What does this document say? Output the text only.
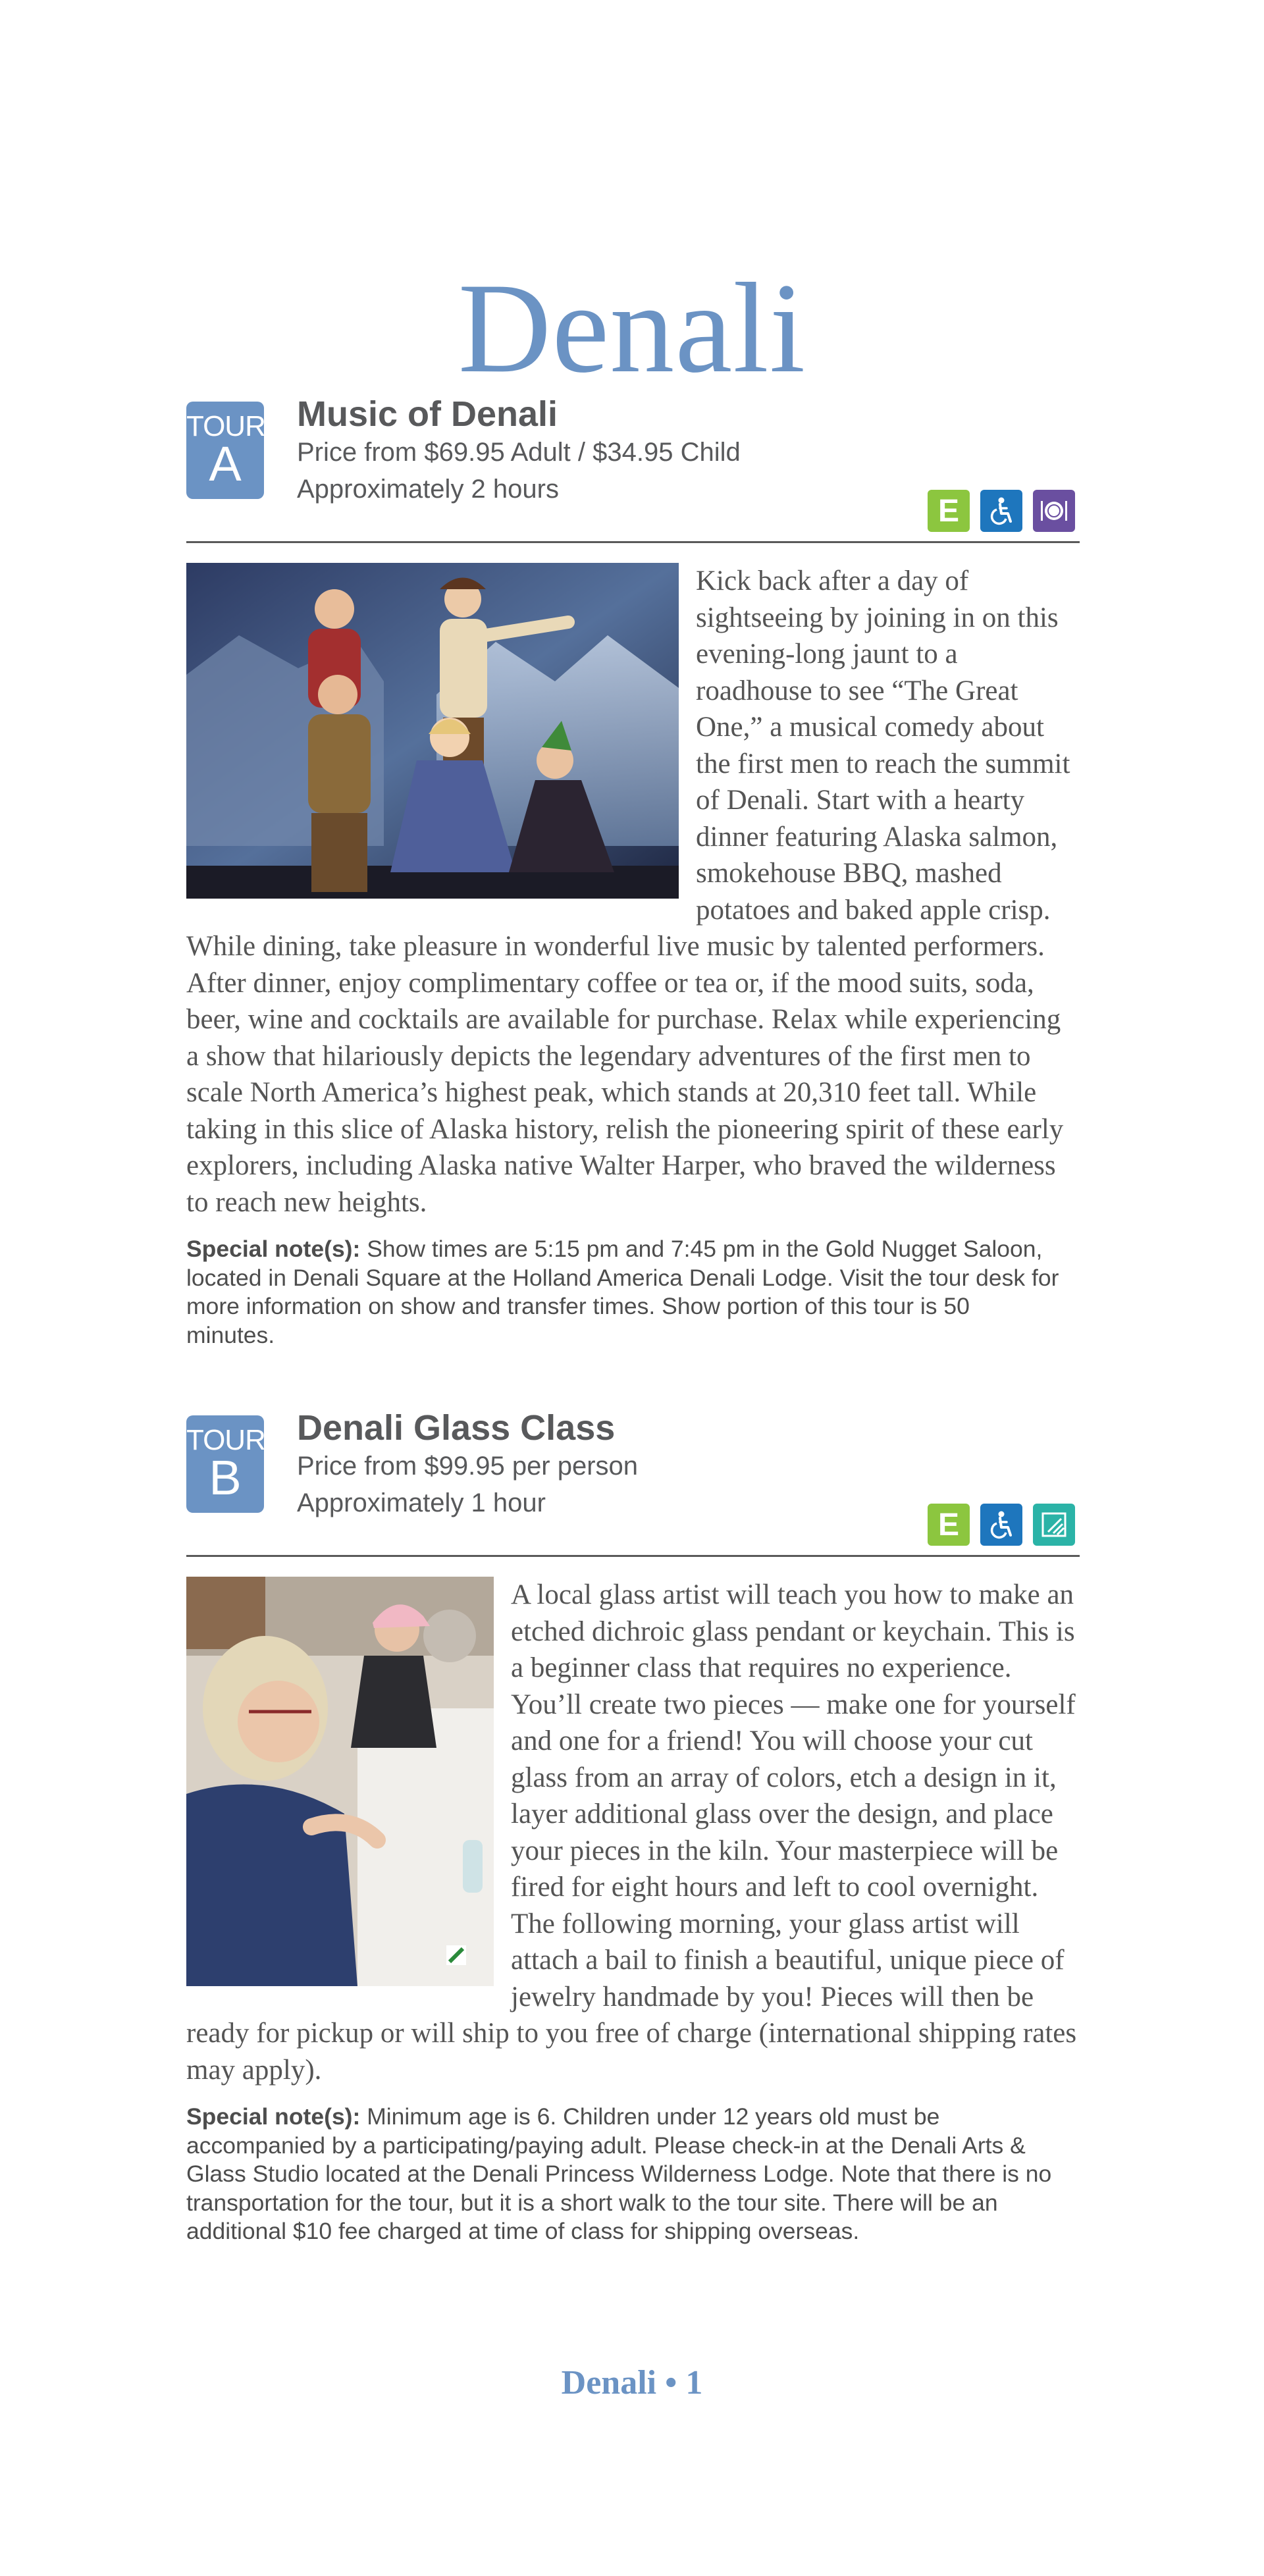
Denali
TOUR
A
Music of Denali
Price from $69.95 Adult / $34.95 Child
Approximately 2 hours
E

Kick back after a day of sightseeing by joining in on this evening-long jaunt to a roadhouse to see “The Great One,” a musical comedy about the first men to reach the summit of Denali. Start with a hearty dinner featuring Alaska salmon, smokehouse BBQ, mashed potatoes and baked apple crisp. While dining, take pleasure in wonderful live music by talented performers. After dinner, enjoy complimentary coffee or tea or, if the mood suits, soda, beer, wine and cocktails are available for purchase. Relax while experiencing a show that hilariously depicts the legendary adventures of the first men to scale North America’s highest peak, which stands at 20,310 feet tall. While taking in this slice of Alaska history, relish the pioneering spirit of these early explorers, including Alaska native Walter Harper, who braved the wilderness to reach new heights.

Special note(s): Show times are 5:15 pm and 7:45 pm in the Gold Nugget Saloon, located in Denali Square at the Holland America Denali Lodge. Visit the tour desk for more information on show and transfer times. Show portion of this tour is 50 minutes.
TOUR
B
Denali Glass Class
Price from $99.95 per person
Approximately 1 hour
E

A local glass artist will teach you how to make an etched dichroic glass pendant or keychain. This is a beginner class that requires no experience. You’ll create two pieces — make one for yourself and one for a friend! You will choose your cut glass from an array of colors, etch a design in it, layer additional glass over the design, and place your pieces in the kiln. Your masterpiece will be fired for eight hours and left to cool overnight. The following morning, your glass artist will attach a bail to finish a beautiful, unique piece of jewelry handmade by you! Pieces will then be ready for pickup or will ship to you free of charge (international shipping rates may apply).

Special note(s): Minimum age is 6. Children under 12 years old must be accompanied by a participating/paying adult. Please check-in at the Denali Arts & Glass Studio located at the Denali Princess Wilderness Lodge. Note that there is no transportation for the tour, but it is a short walk to the tour site. There will be an additional $10 fee charged at time of class for shipping overseas.
Denali • 1
